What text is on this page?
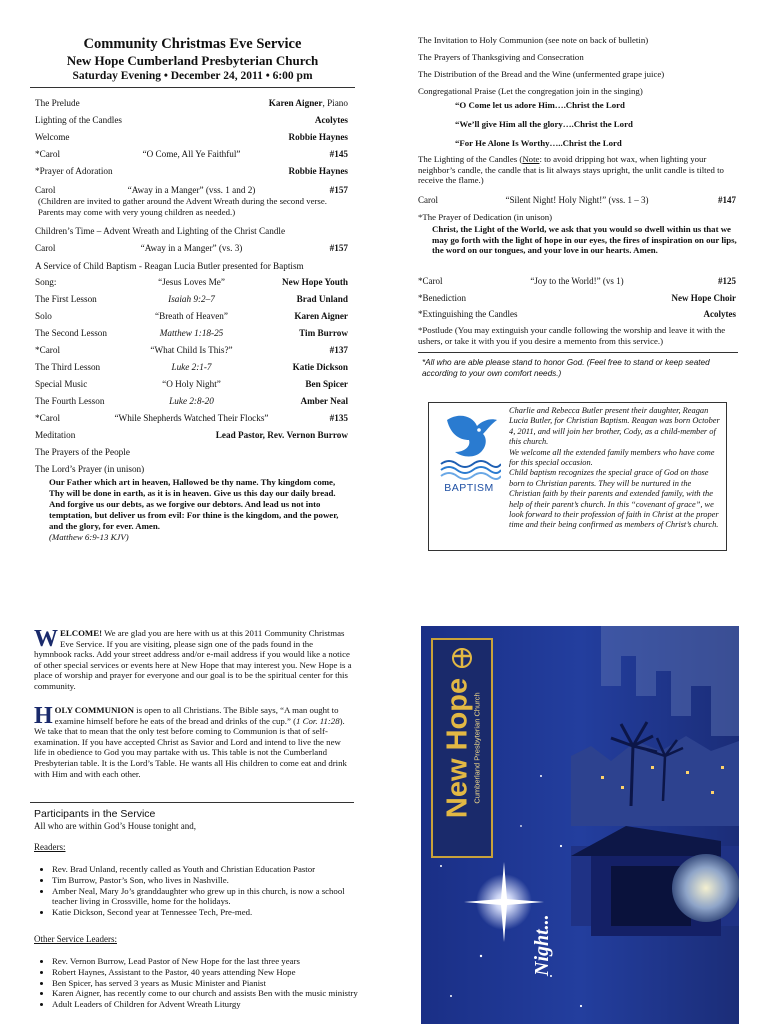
Community Christmas Eve Service
New Hope Cumberland Presbyterian Church
Saturday Evening • December 24, 2011 • 6:00 pm
The Prelude	Karen Aigner, Piano
Lighting of the Candles	Acolytes
Welcome	Robbie Haynes
*Carol	“O Come, All Ye Faithful”	#145
*Prayer of Adoration	Robbie Haynes
Carol	“Away in a Manger” (vss. 1 and 2)	#157
(Children are invited to gather around the Advent Wreath during the second verse. Parents may come with very young children as needed.)
Children’s Time – Advent Wreath and Lighting of the Christ Candle
Carol	“Away in a Manger” (vs. 3)	#157
A Service of Child Baptism - Reagan Lucia Butler presented for Baptism
Song:	“Jesus Loves Me”	New Hope Youth
The First Lesson	Isaiah 9:2–7	Brad Unland
Solo	“Breath of Heaven”	Karen Aigner
The Second Lesson	Matthew 1:18-25	Tim Burrow
*Carol	“What Child Is This?”	#137
The Third Lesson	Luke 2:1-7	Katie Dickson
Special Music	“O Holy Night”	Ben Spicer
The Fourth Lesson	Luke 2:8-20	Amber Neal
*Carol	“While Shepherds Watched Their Flocks”	#135
Meditation	Lead Pastor, Rev. Vernon Burrow
The Prayers of the People
The Lord’s Prayer (in unison)
Our Father which art in heaven, Hallowed be thy name. Thy kingdom come, Thy will be done in earth, as it is in heaven. Give us this day our daily bread. And forgive us our debts, as we forgive our debtors. And lead us not into temptation, but deliver us from evil: For thine is the kingdom, and the power, and the glory, for ever. Amen.
(Matthew 6:9-13 KJV)
The Invitation to Holy Communion (see note on back of bulletin)
The Prayers of Thanksgiving and Consecration
The Distribution of the Bread and the Wine (unfermented grape juice)
Congregational Praise (Let the congregation join in the singing)
“O Come let us adore Him….Christ the Lord
“We’ll give Him all the glory….Christ the Lord
“For He Alone Is Worthy…..Christ the Lord
The Lighting of the Candles (Note: to avoid dripping hot wax, when lighting your neighbor’s candle, the candle that is lit always stays upright, the unlit candle is tilted to receive the flame.)
Carol	“Silent Night! Holy Night!” (vss. 1 – 3)	#147
*The Prayer of Dedication (in unison)
Christ, the Light of the World, we ask that you would so dwell within us that we may go forth with the light of hope in our eyes, the fires of inspiration on our lips, the word on our tongues, and your love in our hearts. Amen.
*Carol	“Joy to the World!” (vs 1)	#125
*Benediction	New Hope Choir
*Extinguishing the Candles	Acolytes
*Postlude (You may extinguish your candle following the worship and leave it with the ushers, or take it with you if you desire a memento from this service.)
*All who are able please stand to honor God. (Feel free to stand or keep seated according to your own comfort needs.)
BAPTISM
Charlie and Rebecca Butler present their daughter, Reagan Lucia Butler, for Christian Baptism. Reagan was born October 4, 2011, and will join her brother, Cody, as a child-member of this church.
We welcome all the extended family members who have come for this special occasion.
Child baptism recognizes the special grace of God on those born to Christian parents. They will be nurtured in the Christian faith by their parents and extended family, with the help of their parent’s church. In this “covenant of grace”, we look forward to their profession of faith in Christ at the proper time and their being confirmed as members of Christ’s church.
WELCOME! We are glad you are here with us at this 2011 Community Christmas Eve Service. If you are visiting, please sign one of the pads found in the hymnbook racks. Add your street address and/or e-mail address if you would like a notice of other special services or events here at New Hope that may interest you. New Hope is a place of worship and prayer for everyone and our goal is to be the spiritual center for this community.
HOLY COMMUNION is open to all Christians. The Bible says, “A man ought to examine himself before he eats of the bread and drinks of the cup.” (1 Cor. 11:28). We take that to mean that the only test before coming to Communion is that of self-examination. If you have accepted Christ as Savior and Lord and intend to live the new life in obedience to God you may partake with us. This table is not the Cumberland Presbyterian table. It is the Lord’s Table. He wants all His children to come eat and drink with Him and with each other.
Participants in the Service
All who are within God’s House tonight and,
Readers:
• Rev. Brad Unland, recently called as Youth and Christian Education Pastor
• Tim Burrow, Pastor’s Son, who lives in Nashville.
• Amber Neal, Mary Jo’s granddaughter who grew up in this church, is now a school teacher living in Crossville, home for the holidays.
• Katie Dickson, Second year at Tennessee Tech, Pre-med.
Other Service Leaders:
• Rev. Vernon Burrow, Lead Pastor of New Hope for the last three years
• Robert Haynes, Assistant to the Pastor, 40 years attending New Hope
• Ben Spicer, has served 3 years as Music Minister and Pianist
• Karen Aigner, has recently come to our church and assists Ben with the music ministry
• Adult Leaders of Children for Advent Wreath Liturgy
New Hope Cumberland Presbyterian Church
Night...
